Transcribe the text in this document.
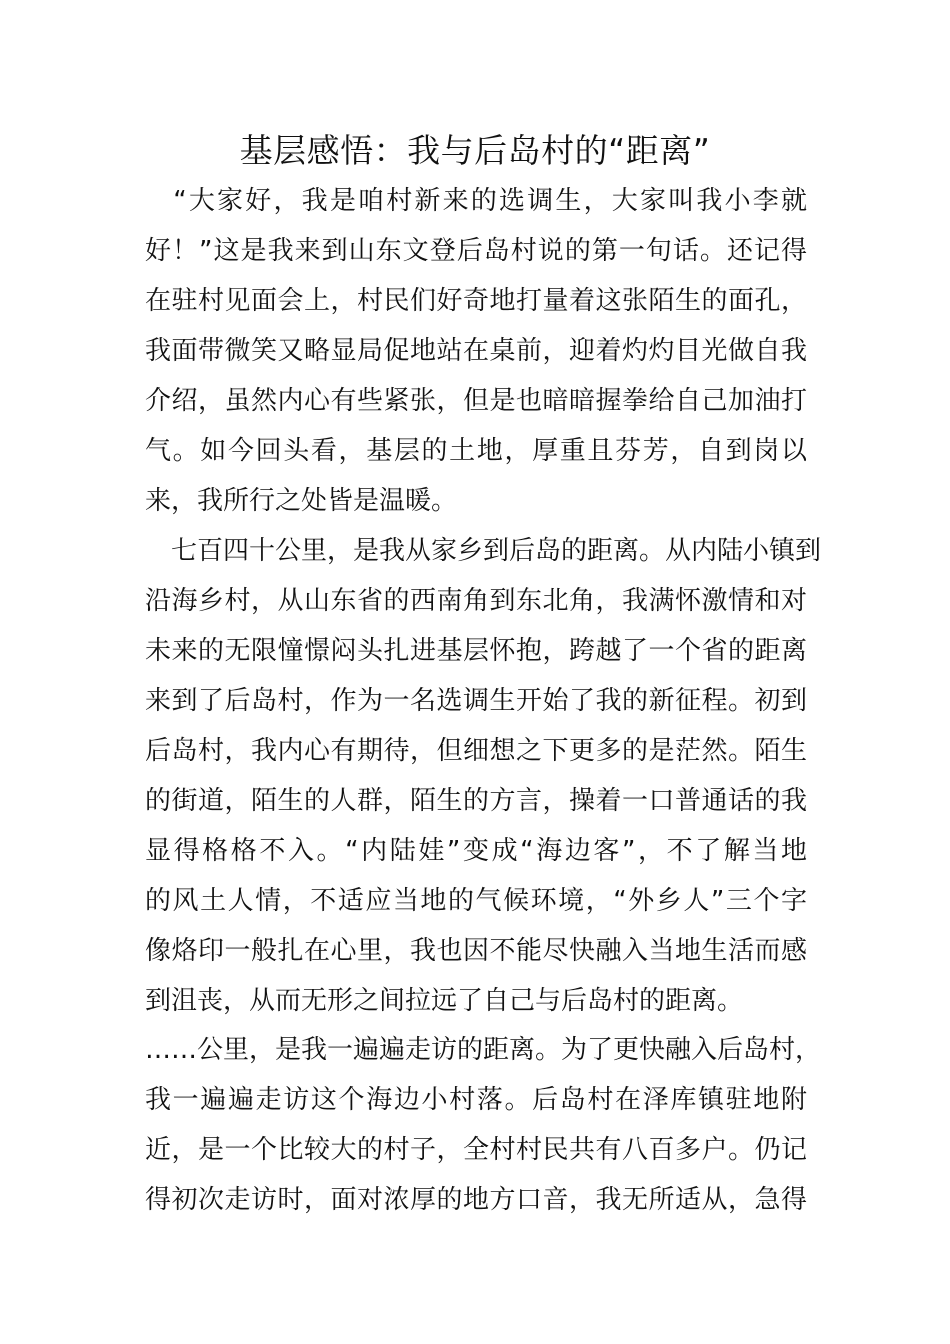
基层感悟：我与后岛村的“距离”
　“大家好，我是咱村新来的选调生，大家叫我小李就
好！”这是我来到山东文登后岛村说的第一句话。还记得
在驻村见面会上，村民们好奇地打量着这张陌生的面孔，
我面带微笑又略显局促地站在桌前，迎着灼灼目光做自我
介绍，虽然内心有些紧张，但是也暗暗握拳给自己加油打
气。如今回头看，基层的土地，厚重且芬芳，自到岗以
来，我所行之处皆是温暖。
　七百四十公里，是我从家乡到后岛的距离。从内陆小镇到
沿海乡村，从山东省的西南角到东北角，我满怀激情和对
未来的无限憧憬闷头扎进基层怀抱，跨越了一个省的距离
来到了后岛村，作为一名选调生开始了我的新征程。初到
后岛村，我内心有期待，但细想之下更多的是茫然。陌生
的街道，陌生的人群，陌生的方言，操着一口普通话的我
显得格格不入。“内陆娃”变成“海边客”，不了解当地
的风土人情，不适应当地的气候环境，“外乡人”三个字
像烙印一般扎在心里，我也因不能尽快融入当地生活而感
到沮丧，从而无形之间拉远了自己与后岛村的距离。
……公里，是我一遍遍走访的距离。为了更快融入后岛村，
我一遍遍走访这个海边小村落。后岛村在泽库镇驻地附
近，是一个比较大的村子，全村村民共有八百多户。仍记
得初次走访时，面对浓厚的地方口音，我无所适从，急得
